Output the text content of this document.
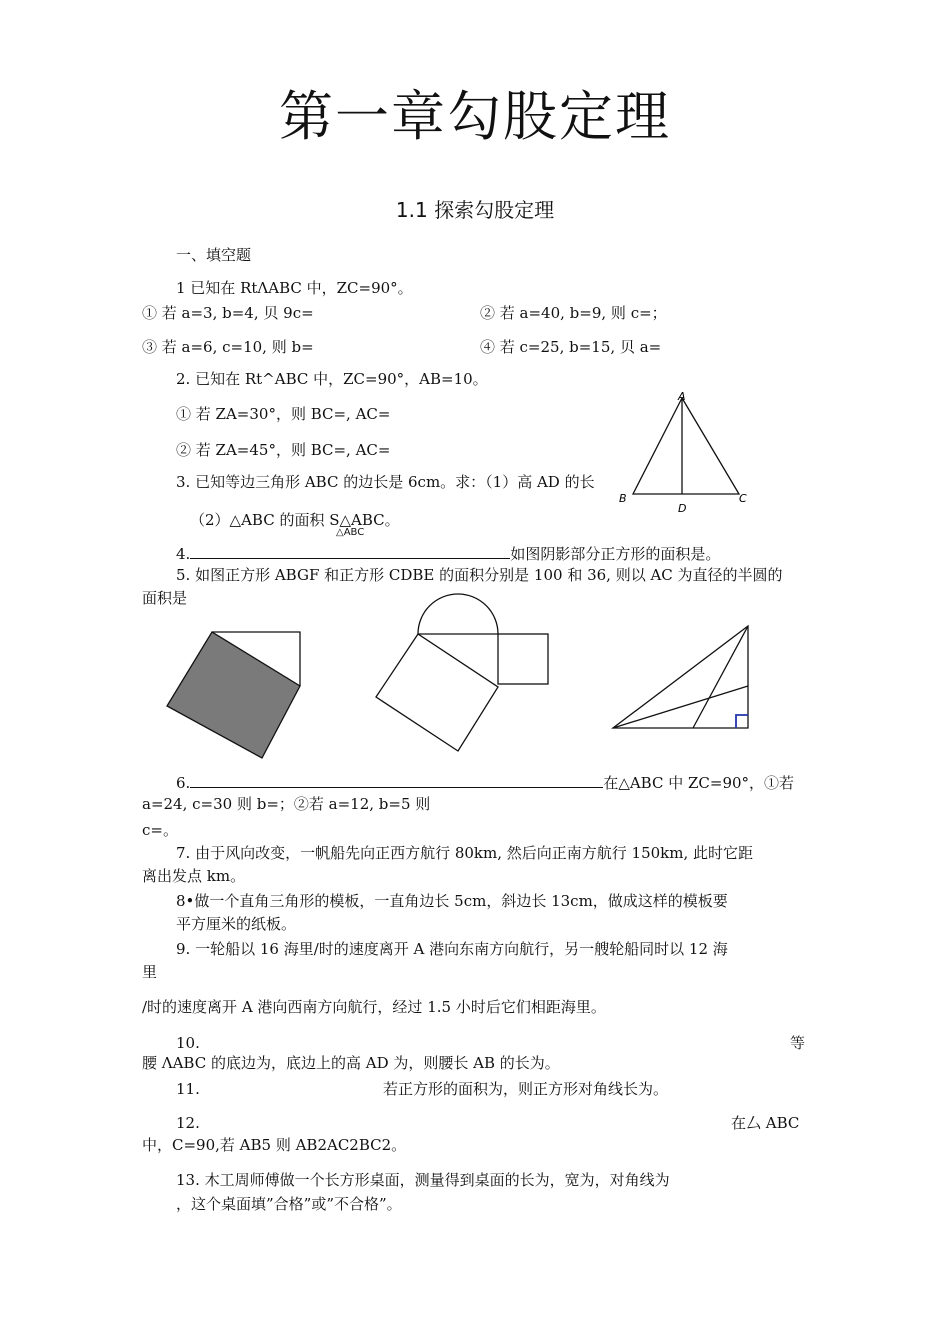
第一章勾股定理
1.1 探索勾股定理
一、填空题
1 已知在 RtΛABC 中，ZC=90°。
① 若 a=3, b=4, 贝 9c=	② 若 a=40, b=9, 则 c=；
③ 若 a=6, c=10, 则 b=	④ 若 c=25, b=15, 贝 a=
2. 已知在 Rt^ABC 中，ZC=90°，AB=10。
① 若 ZA=30°，则 BC=, AC=
② 若 ZA=45°，则 BC=, AC=
A
B	C
D
3. 已知等边三角形 ABC 的边长是 6cm。求：（1）高 AD 的长
（2）△ABC 的面积 S△ABC。
△ABC
4.	如图阴影部分正方形的面积是。
5. 如图正方形 ABGF 和正方形 CDBE 的面积分别是 100 和 36, 则以 AC 为直径的半圆的
面积是
6.	在△ABC 中 ZC=90°，①若
a=24, c=30 则 b=；②若 a=12, b=5 则
c=。
7. 由于风向改变，一帆船先向正西方航行 80km, 然后向正南方航行 150km, 此时它距
离出发点 km。
8•做一个直角三角形的模板，一直角边长 5cm，斜边长 13cm，做成这样的模板要
平方厘米的纸板。
9. 一轮船以 16 海里/时的速度离开 A 港向东南方向航行，另一艘轮船同时以 12 海
里
/时的速度离开 A 港向西南方向航行，经过 1.5 小时后它们相距海里。
10.	等
腰 ΛABC 的底边为，底边上的高 AD 为，则腰长 AB 的长为。
11.	若正方形的面积为，则正方形对角线长为。
12.	在厶 ABC
中，C=90,若 AB5 则 AB2AC2BC2。
13. 木工周师傅做一个长方形桌面，测量得到桌面的长为，宽为，对角线为
，这个桌面填”合格”或”不合格”。
